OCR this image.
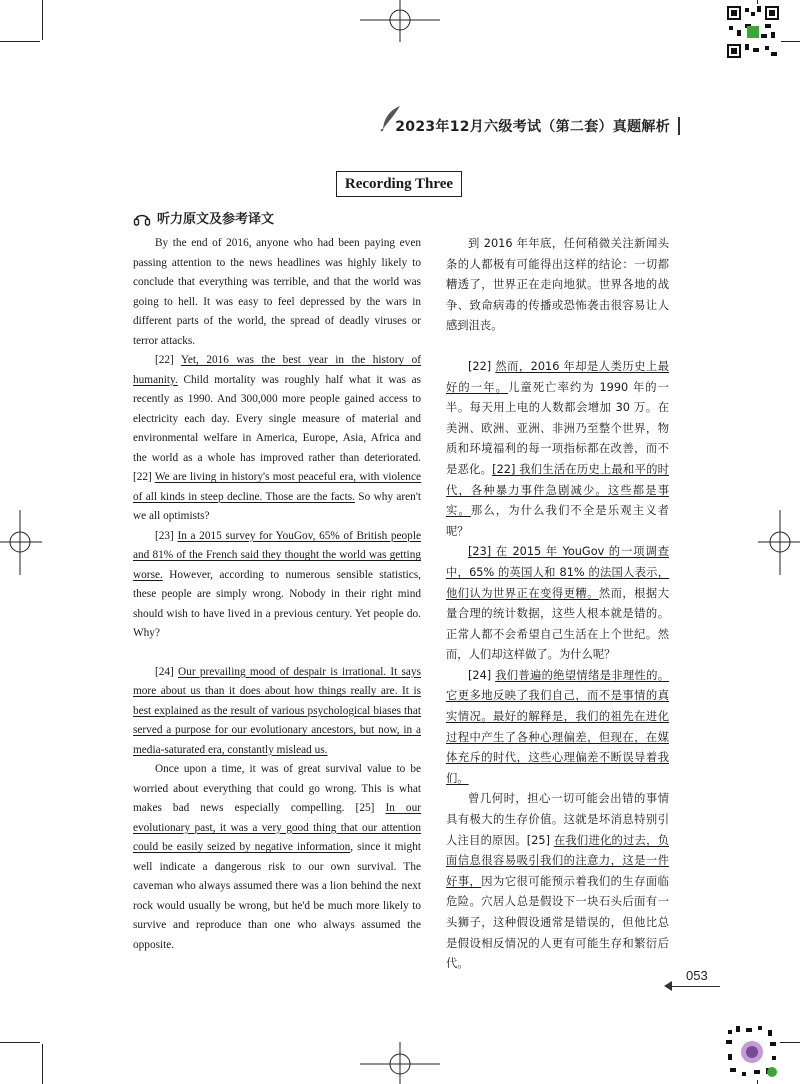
2023年12月六级考试（第二套）真题解析
Recording Three
听力原文及参考译文

By the end of 2016, anyone who had been paying even passing attention to the news headlines was highly likely to conclude that everything was terrible, and that the world was going to hell. It was easy to feel depressed by the wars in different parts of the world, the spread of deadly viruses or terror attacks.

[22] Yet, 2016 was the best year in the history of humanity. Child mortality was roughly half what it was as recently as 1990. And 300,000 more people gained access to electricity each day. Every single measure of material and environmental welfare in America, Europe, Asia, Africa and the world as a whole has improved rather than deteriorated. [22] We are living in history's most peaceful era, with violence of all kinds in steep decline. Those are the facts. So why aren't we all optimists?

[23] In a 2015 survey for YouGov, 65% of British people and 81% of the French said they thought the world was getting worse. However, according to numerous sensible statistics, these people are simply wrong. Nobody in their right mind should wish to have lived in a previous century. Yet people do. Why?

[24] Our prevailing mood of despair is irrational. It says more about us than it does about how things really are. It is best explained as the result of various psychological biases that served a purpose for our evolutionary ancestors, but now, in a media-saturated era, constantly mislead us.

Once upon a time, it was of great survival value to be worried about everything that could go wrong. This is what makes bad news especially compelling. [25] In our evolutionary past, it was a very good thing that our attention could be easily seized by negative information, since it might well indicate a dangerous risk to our own survival. The caveman who always assumed there was a lion behind the next rock would usually be wrong, but he'd be much more likely to survive and reproduce than one who always assumed the opposite.

到 2016 年年底，任何稍微关注新闻头条的人都极有可能得出这样的结论：一切都糟透了，世界正在走向地狱。世界各地的战争、致命病毒的传播或恐怖袭击很容易让人感到沮丧。

[22] 然而，2016 年却是人类历史上最好的一年。儿童死亡率约为 1990 年的一半。每天用上电的人数都会增加 30 万。在美洲、欧洲、亚洲、非洲乃至整个世界，物质和环境福利的每一项指标都在改善，而不是恶化。[22] 我们生活在历史上最和平的时代，各种暴力事件急剧减少。这些都是事实。那么，为什么我们不全是乐观主义者呢？

[23] 在 2015 年 YouGov 的一项调查中，65% 的英国人和 81% 的法国人表示，他们认为世界正在变得更糟。然而，根据大量合理的统计数据，这些人根本就是错的。正常人都不会希望自己生活在上个世纪。然而，人们却这样做了。为什么呢？

[24] 我们普遍的绝望情绪是非理性的。它更多地反映了我们自己，而不是事情的真实情况。最好的解释是，我们的祖先在进化过程中产生了各种心理偏差，但现在，在媒体充斥的时代，这些心理偏差不断误导着我们。

曾几何时，担心一切可能会出错的事情具有极大的生存价值。这就是坏消息特别引人注目的原因。[25] 在我们进化的过去，负面信息很容易吸引我们的注意力，这是一件好事，因为它很可能预示着我们的生存面临危险。穴居人总是假设下一块石头后面有一头狮子，这种假设通常是错误的，但他比总是假设相反情况的人更有可能生存和繁衍后代。

053
